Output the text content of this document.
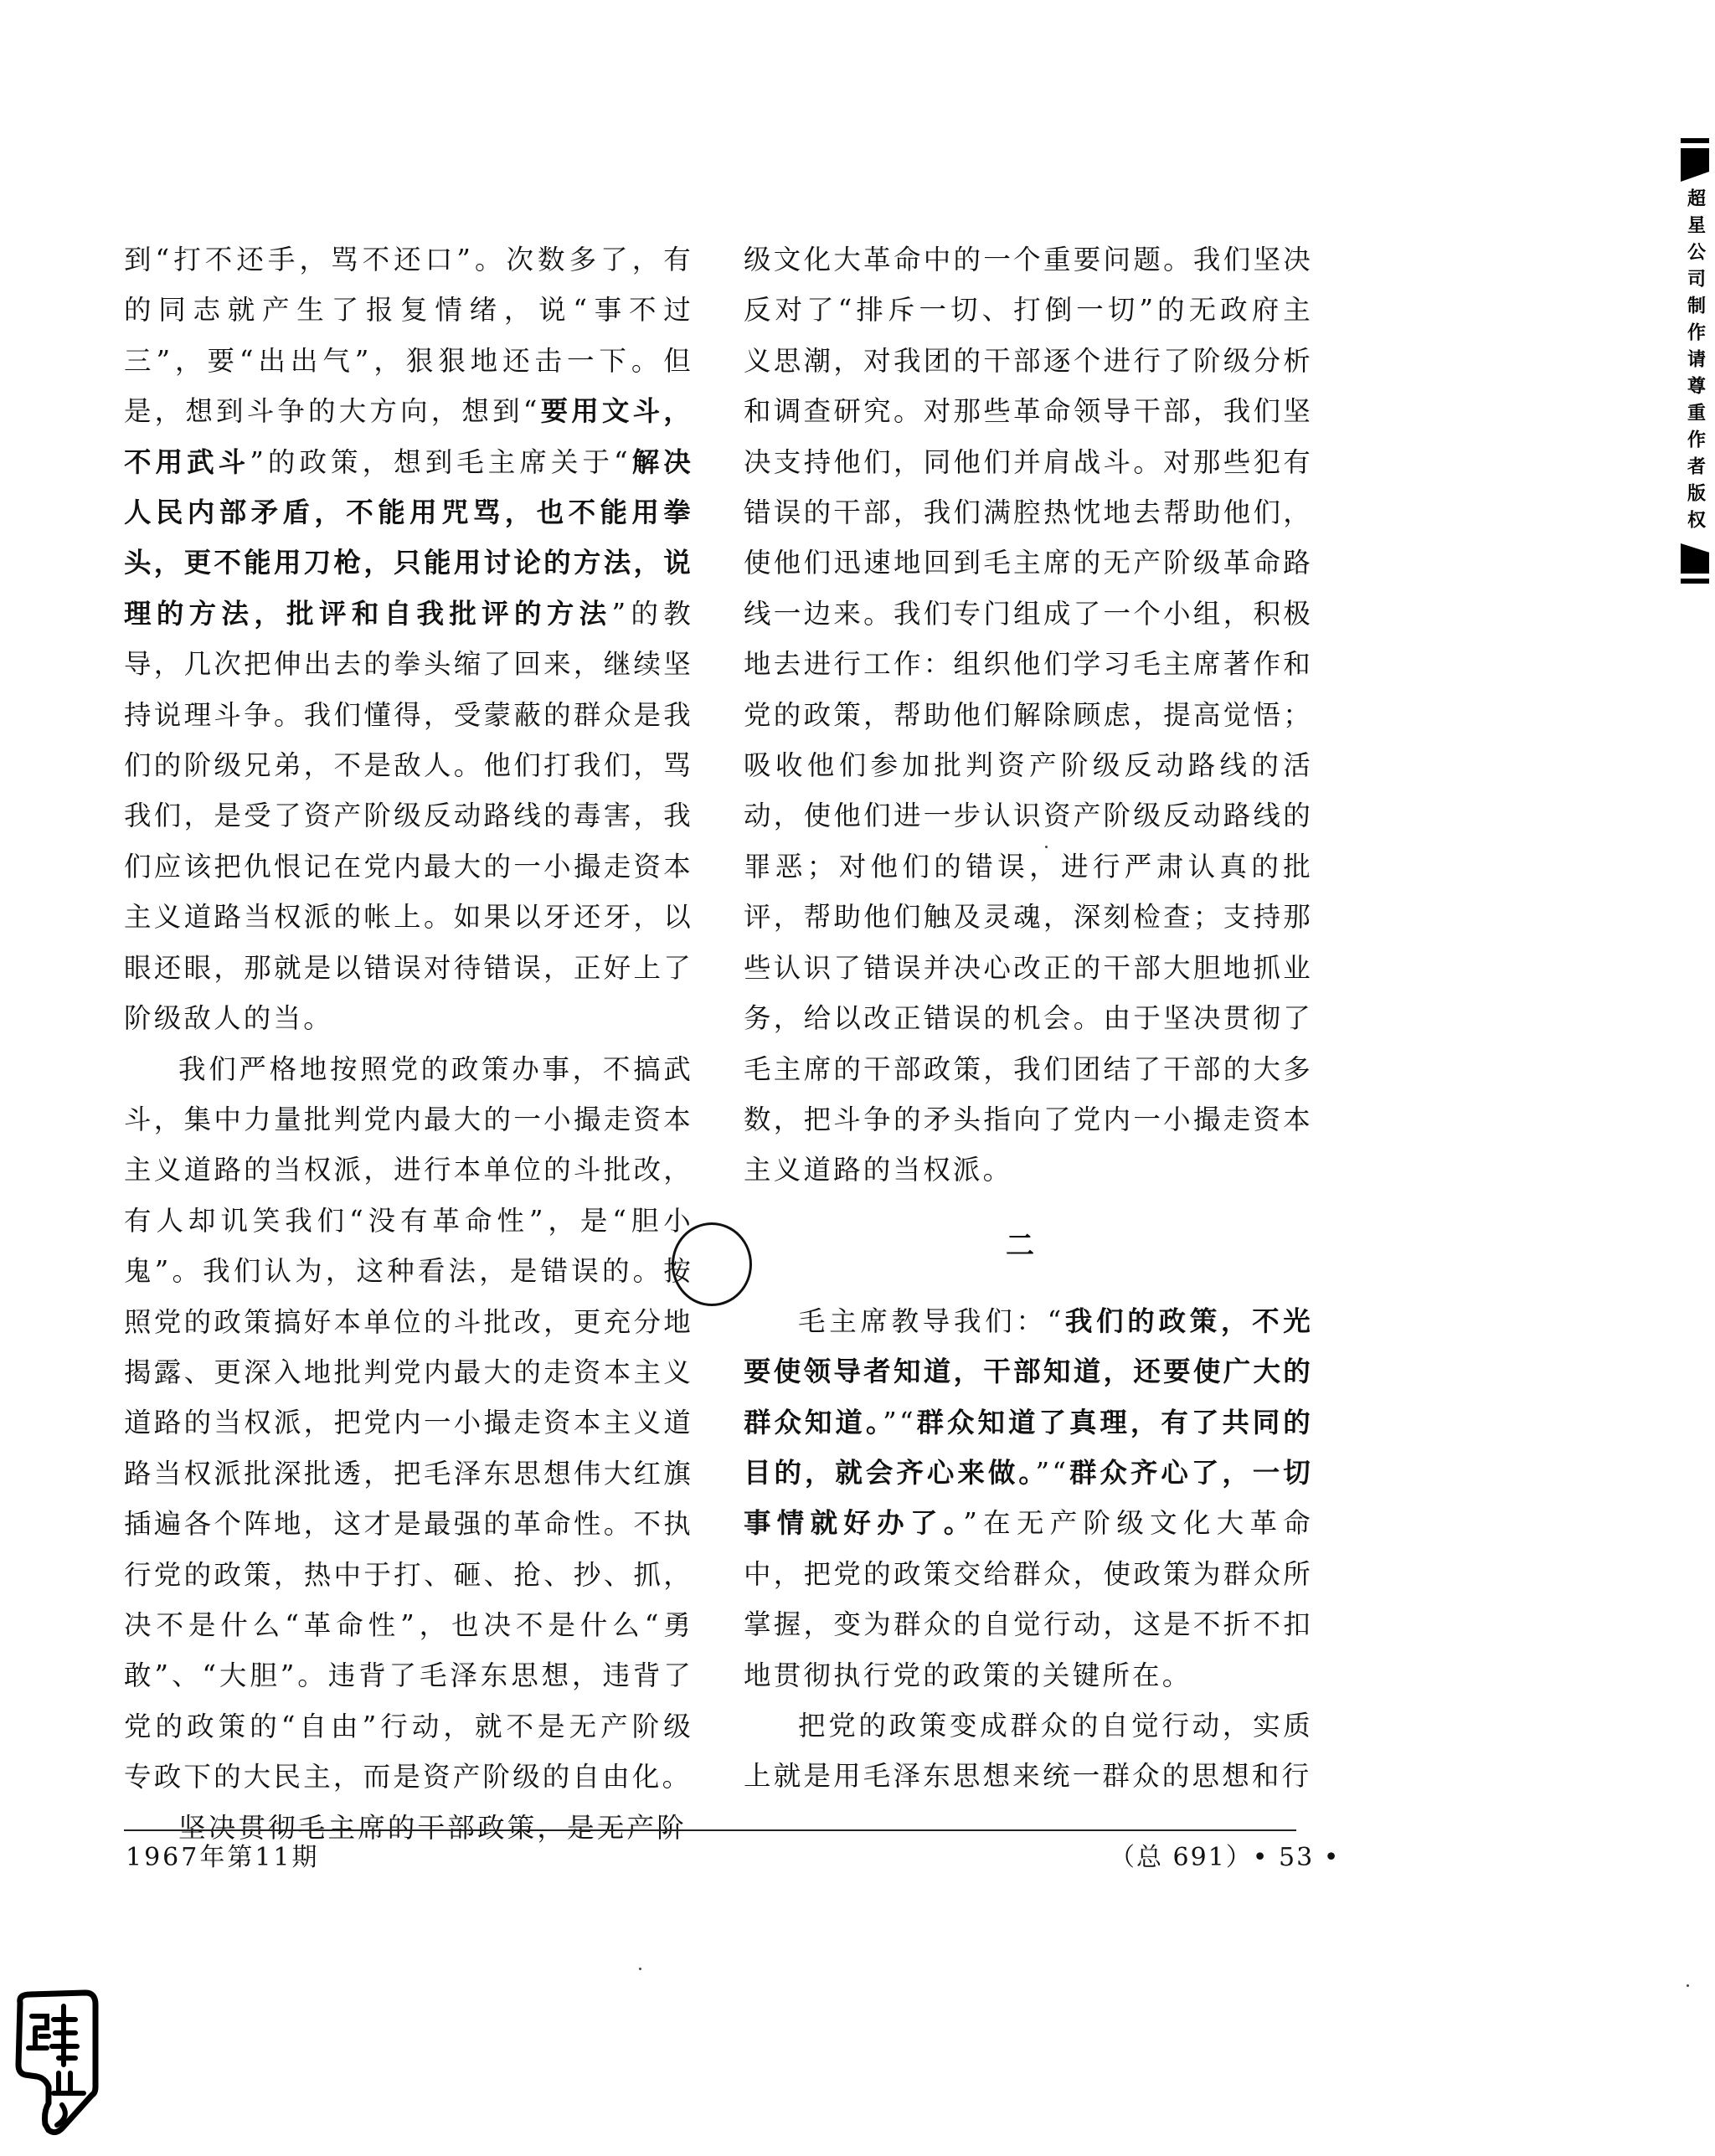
到“打不还手，骂不还口”。次数多了，有的同志就产生了报复情绪，说“事不过三”，要“出出气”，狠狠地还击一下。但是，想到斗争的大方向，想到“要用文斗，不用武斗”的政策，想到毛主席关于“解决人民内部矛盾，不能用咒骂，也不能用拳头，更不能用刀枪，只能用讨论的方法，说理的方法，批评和自我批评的方法”的教导，几次把伸出去的拳头缩了回来，继续坚持说理斗争。我们懂得，受蒙蔽的群众是我们的阶级兄弟，不是敌人。他们打我们，骂我们，是受了资产阶级反动路线的毒害，我们应该把仇恨记在党内最大的一小撮走资本主义道路当权派的帐上。如果以牙还牙，以眼还眼，那就是以错误对待错误，正好上了阶级敌人的当。

我们严格地按照党的政策办事，不搞武斗，集中力量批判党内最大的一小撮走资本主义道路的当权派，进行本单位的斗批改，有人却讥笑我们“没有革命性”，是“胆小鬼”。我们认为，这种看法，是错误的。按照党的政策搞好本单位的斗批改，更充分地揭露、更深入地批判党内最大的走资本主义道路的当权派，把党内一小撮走资本主义道路当权派批深批透，把毛泽东思想伟大红旗插遍各个阵地，这才是最强的革命性。不执行党的政策，热中于打、砸、抢、抄、抓，决不是什么“革命性”，也决不是什么“勇敢”、“大胆”。违背了毛泽东思想，违背了党的政策的“自由”行动，就不是无产阶级专政下的大民主，而是资产阶级的自由化。

坚决贯彻毛主席的干部政策，是无产阶

级文化大革命中的一个重要问题。我们坚决反对了“排斥一切、打倒一切”的无政府主义思潮，对我团的干部逐个进行了阶级分析和调查研究。对那些革命领导干部，我们坚决支持他们，同他们并肩战斗。对那些犯有错误的干部，我们满腔热忱地去帮助他们，使他们迅速地回到毛主席的无产阶级革命路线一边来。我们专门组成了一个小组，积极地去进行工作：组织他们学习毛主席著作和党的政策，帮助他们解除顾虑，提高觉悟；吸收他们参加批判资产阶级反动路线的活动，使他们进一步认识资产阶级反动路线的罪恶；对他们的错误，进行严肃认真的批评，帮助他们触及灵魂，深刻检查；支持那些认识了错误并决心改正的干部大胆地抓业务，给以改正错误的机会。由于坚决贯彻了毛主席的干部政策，我们团结了干部的大多数，把斗争的矛头指向了党内一小撮走资本主义道路的当权派。

二

毛主席教导我们：“我们的政策，不光要使领导者知道，干部知道，还要使广大的群众知道。”“群众知道了真理，有了共同的目的，就会齐心来做。”“群众齐心了，一切事情就好办了。”在无产阶级文化大革命中，把党的政策交给群众，使政策为群众所掌握，变为群众的自觉行动，这是不折不扣地贯彻执行党的政策的关键所在。

把党的政策变成群众的自觉行动，实质上就是用毛泽东思想来统一群众的思想和行

1967年第11期	（总 691）• 53 •
超星公司制作请尊重作者版权
